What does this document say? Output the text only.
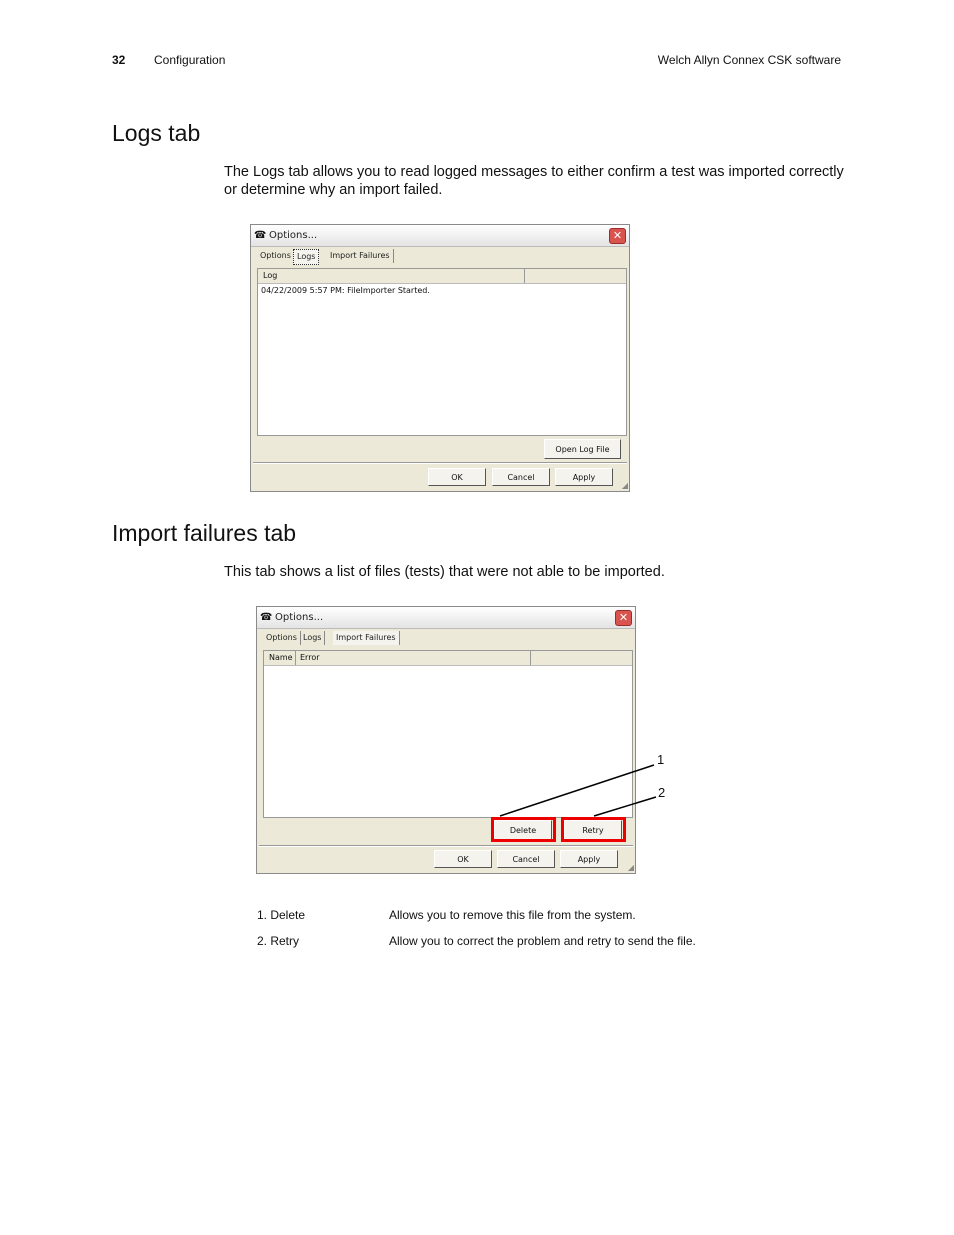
32 Configuration	Welch Allyn Connex CSK software
Logs tab
The Logs tab allows you to read logged messages to either confirm a test was imported correctly or determine why an import failed.
☎ Options...	✕
Options Logs	Import Failures
Log
04/22/2009 5:57 PM: FileImporter Started.
Open Log File
OK	Cancel	Apply
◢
Import failures tab
This tab shows a list of files (tests) that were not able to be imported.
☎ Options...	✕
Options Logs	Import Failures
Name Error
Delete	Retry
OK	Cancel	Apply
◢
1
2
1. Delete	Allows you to remove this file from the system.
2. Retry	Allow you to correct the problem and retry to send the file.
